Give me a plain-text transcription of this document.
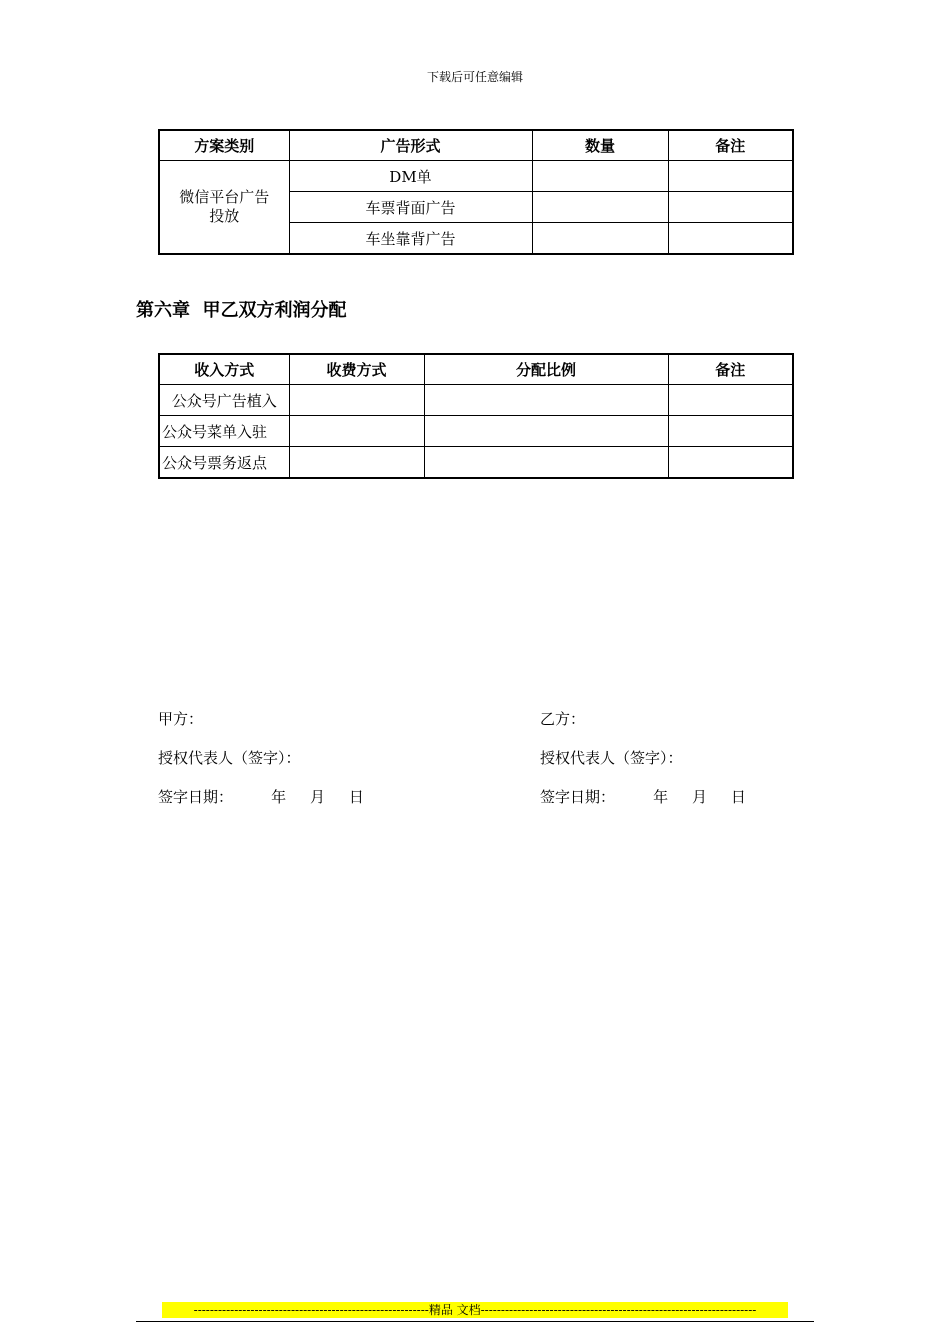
下载后可任意编辑
方案类别	广告形式	数量	备注

微信平台广告投放	DM单		
	车票背面广告		
	车坐靠背广告		
第六章  甲乙双方利润分配
收入方式	收费方式	分配比例	备注
公众号广告植入			
公众号菜单入驻			
公众号票务返点			
甲方：	乙方：
授权代表人（签字）：	授权代表人（签字）：
签字日期：        年     月     日	签字日期：        年     月     日
----------------------------------------------------------精品 文档--------------------------------------------------------------------
